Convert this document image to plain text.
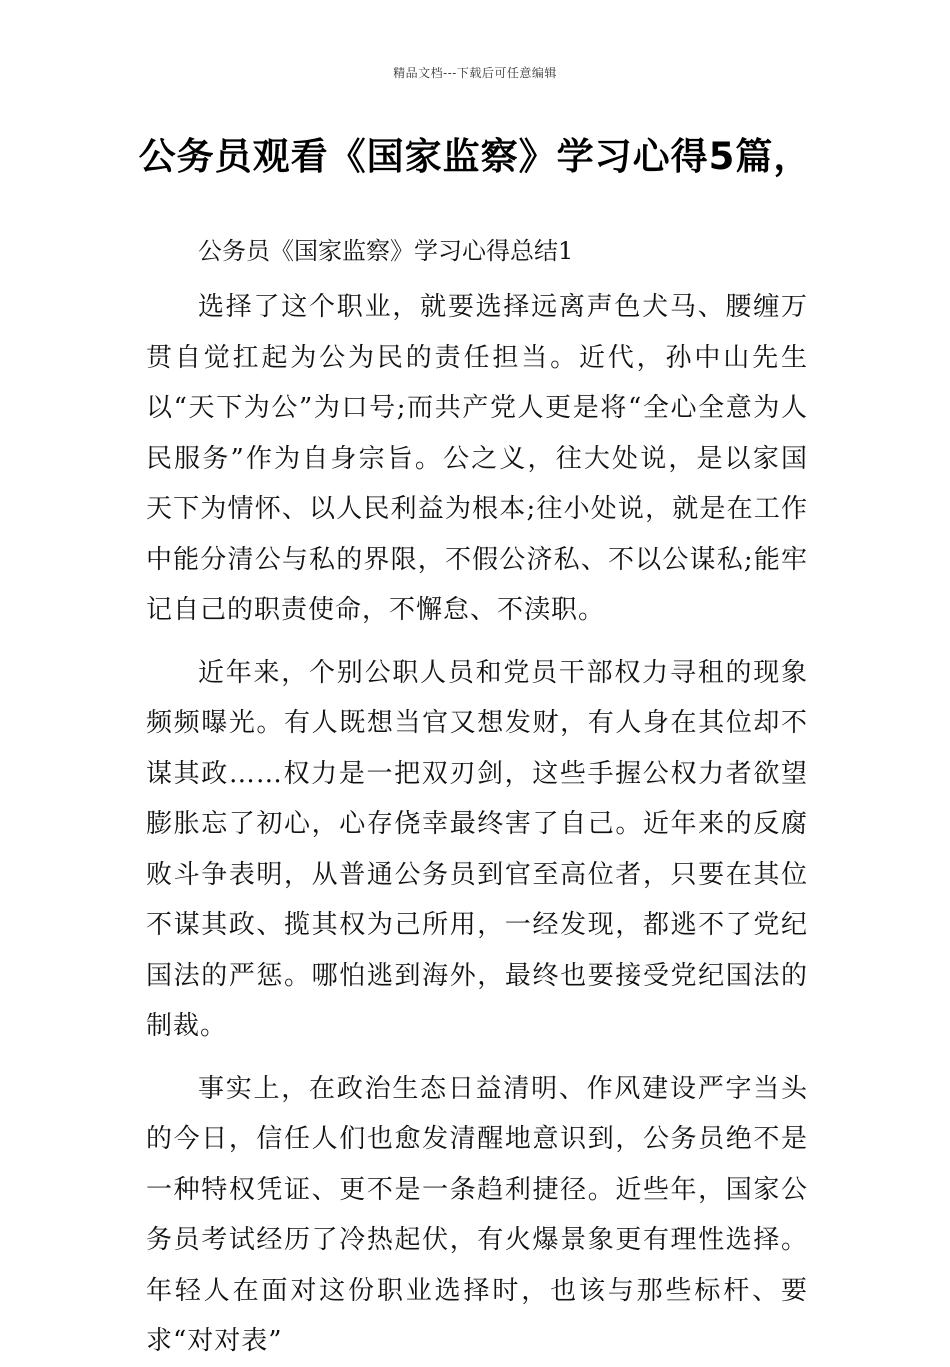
精品文档---下载后可任意编辑
公务员观看《国家监察》学习心得5篇，
公务员《国家监察》学习心得总结1

选择了这个职业，就要选择远离声色犬马、腰缠万贯自觉扛起为公为民的责任担当。近代，孙中山先生以“天下为公”为口号;而共产党人更是将“全心全意为人民服务”作为自身宗旨。公之义，往大处说，是以家国天下为情怀、以人民利益为根本;往小处说，就是在工作中能分清公与私的界限，不假公济私、不以公谋私;能牢记自己的职责使命，不懈怠、不渎职。

近年来，个别公职人员和党员干部权力寻租的现象频频曝光。有人既想当官又想发财，有人身在其位却不谋其政……权力是一把双刃剑，这些手握公权力者欲望膨胀忘了初心，心存侥幸最终害了自己。近年来的反腐败斗争表明，从普通公务员到官至高位者，只要在其位不谋其政、揽其权为己所用，一经发现，都逃不了党纪国法的严惩。哪怕逃到海外，最终也要接受党纪国法的制裁。

事实上，在政治生态日益清明、作风建设严字当头的今日，信任人们也愈发清醒地意识到，公务员绝不是一种特权凭证、更不是一条趋利捷径。近些年，国家公务员考试经历了冷热起伏，有火爆景象更有理性选择。年轻人在面对这份职业选择时，也该与那些标杆、要求“对对表”
